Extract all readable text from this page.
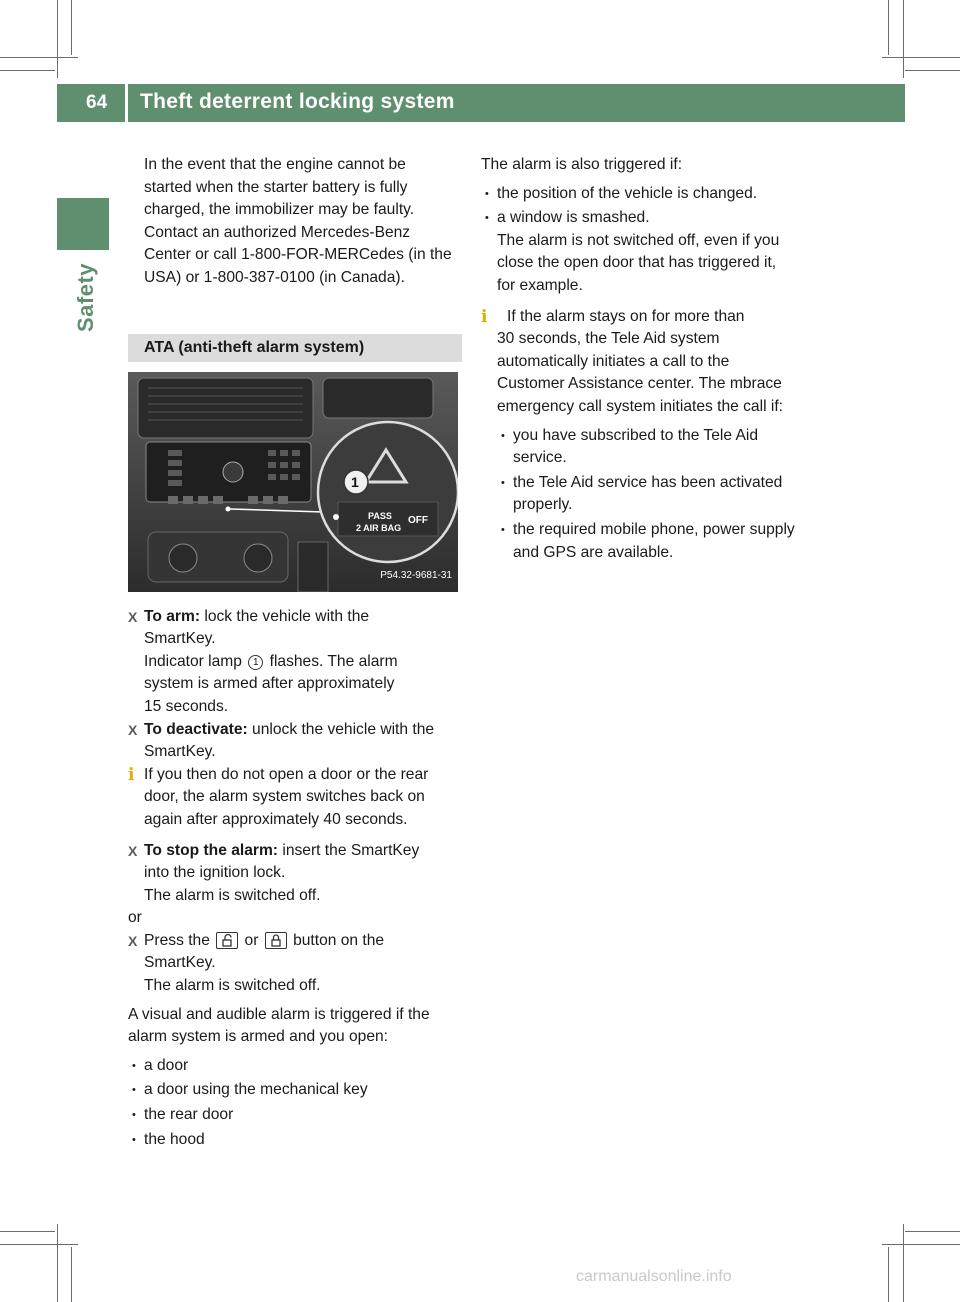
64 Theft deterrent locking system
Safety

In the event that the engine cannot be

started when the starter battery is fully

charged, the immobilizer may be faulty.

Contact an authorized Mercedes-Benz

Center or call 1-800-FOR-MERCedes (in the

USA) or 1-800-387-0100 (in Canada).

ATA (anti-theft alarm system)
1
PASS
2 AIR BAG
OFF
P54.32-9681-31
X To arm: lock the vehicle with the

SmartKey.

Indicator lamp 1 flashes. The alarm

system is armed after approximately

15 seconds.

X To deactivate: unlock the vehicle with the

SmartKey.

i If you then do not open a door or the rear

door, the alarm system switches back on

again after approximately 40 seconds.

X To stop the alarm: insert the SmartKey

into the ignition lock.

The alarm is switched off.

or

X Press the  or  button on the

SmartKey.

The alarm is switched off.

A visual and audible alarm is triggered if the

alarm system is armed and you open:

• a door
• a door using the mechanical key
• the rear door
• the hood

The alarm is also triggered if:

• the position of the vehicle is changed.
• a window is smashed.

The alarm is not switched off, even if you

close the open door that has triggered it,

for example.

i	If the alarm stays on for more than

30 seconds, the Tele Aid system

automatically initiates a call to the

Customer Assistance center. The mbrace

emergency call system initiates the call if:

• you have subscribed to the Tele Aid

service.

• the Tele Aid service has been activated

properly.

• the required mobile phone, power supply

and GPS are available.

carmanualsonline.info
